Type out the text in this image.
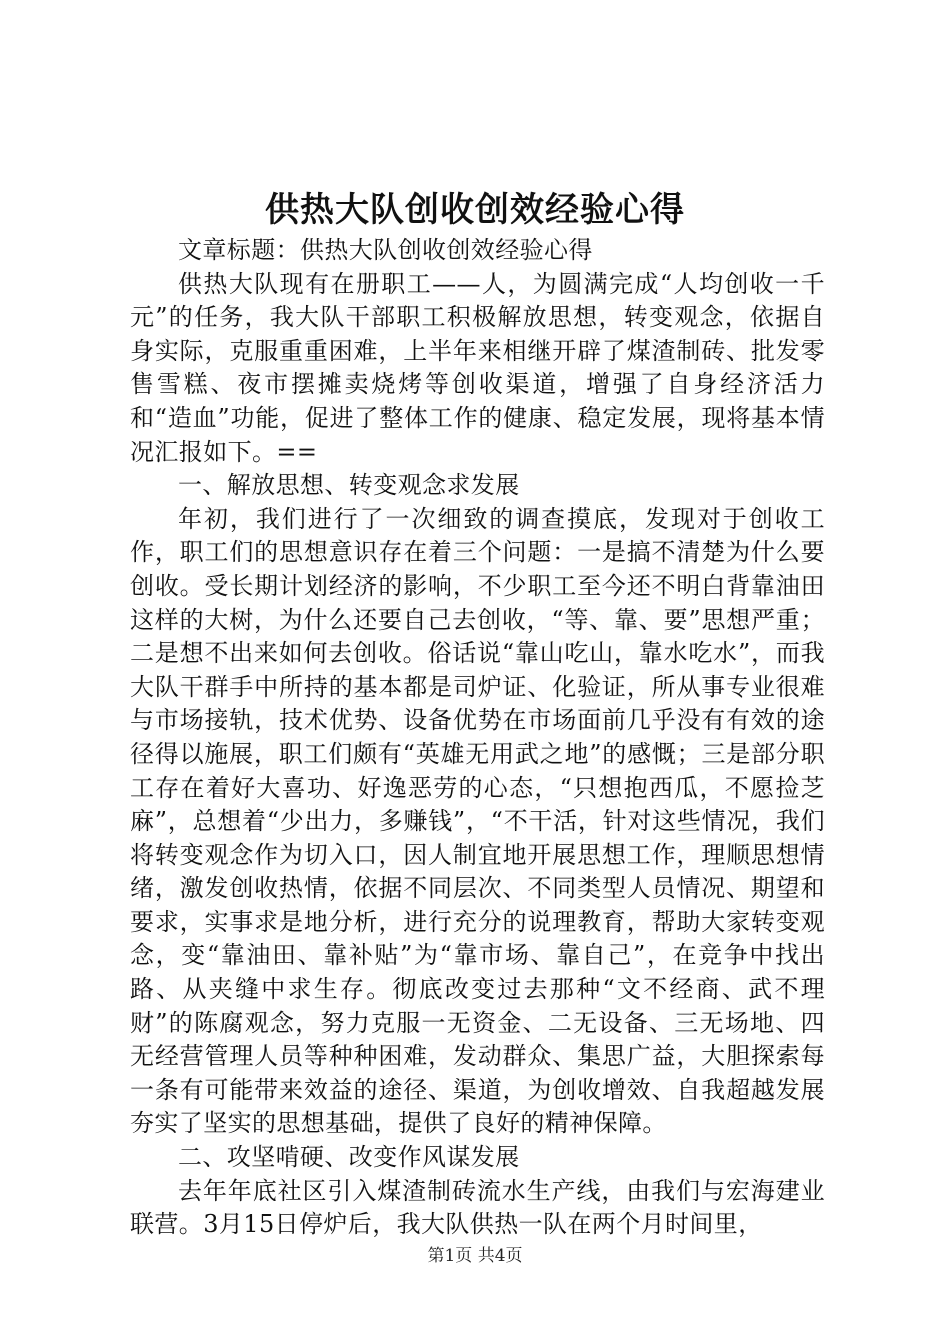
供热大队创收创效经验心得

文章标题：供热大队创收创效经验心得

供热大队现有在册职工——人，为圆满完成“人均创收一千元”的任务，我大队干部职工积极解放思想，转变观念，依据自身实际，克服重重困难，上半年来相继开辟了煤渣制砖、批发零售雪糕、夜市摆摊卖烧烤等创收渠道，增强了自身经济活力和“造血”功能，促进了整体工作的健康、稳定发展，现将基本情况汇报如下。==

一、解放思想、转变观念求发展

年初，我们进行了一次细致的调查摸底，发现对于创收工作，职工们的思想意识存在着三个问题：一是搞不清楚为什么要创收。受长期计划经济的影响，不少职工至今还不明白背靠油田这样的大树，为什么还要自己去创收，“等、靠、要”思想严重；二是想不出来如何去创收。俗话说“靠山吃山，靠水吃水”，而我大队干群手中所持的基本都是司炉证、化验证，所从事专业很难与市场接轨，技术优势、设备优势在市场面前几乎没有有效的途径得以施展，职工们颇有“英雄无用武之地”的感慨；三是部分职工存在着好大喜功、好逸恶劳的心态，“只想抱西瓜，不愿捡芝麻”，总想着“少出力，多赚钱”，“不干活，针对这些情况，我们将转变观念作为切入口，因人制宜地开展思想工作，理顺思想情绪，激发创收热情，依据不同层次、不同类型人员情况、期望和要求，实事求是地分析，进行充分的说理教育，帮助大家转变观念，变“靠油田、靠补贴”为“靠市场、靠自己”，在竞争中找出路、从夹缝中求生存。彻底改变过去那种“文不经商、武不理财”的陈腐观念，努力克服一无资金、二无设备、三无场地、四无经营管理人员等种种困难，发动群众、集思广益，大胆探索每一条有可能带来效益的途径、渠道，为创收增效、自我超越发展夯实了坚实的思想基础，提供了良好的精神保障。

二、攻坚啃硬、改变作风谋发展

去年年底社区引入煤渣制砖流水生产线，由我们与宏海建业联营。3月15日停炉后，我大队供热一队在两个月时间里，

第1页 共4页
